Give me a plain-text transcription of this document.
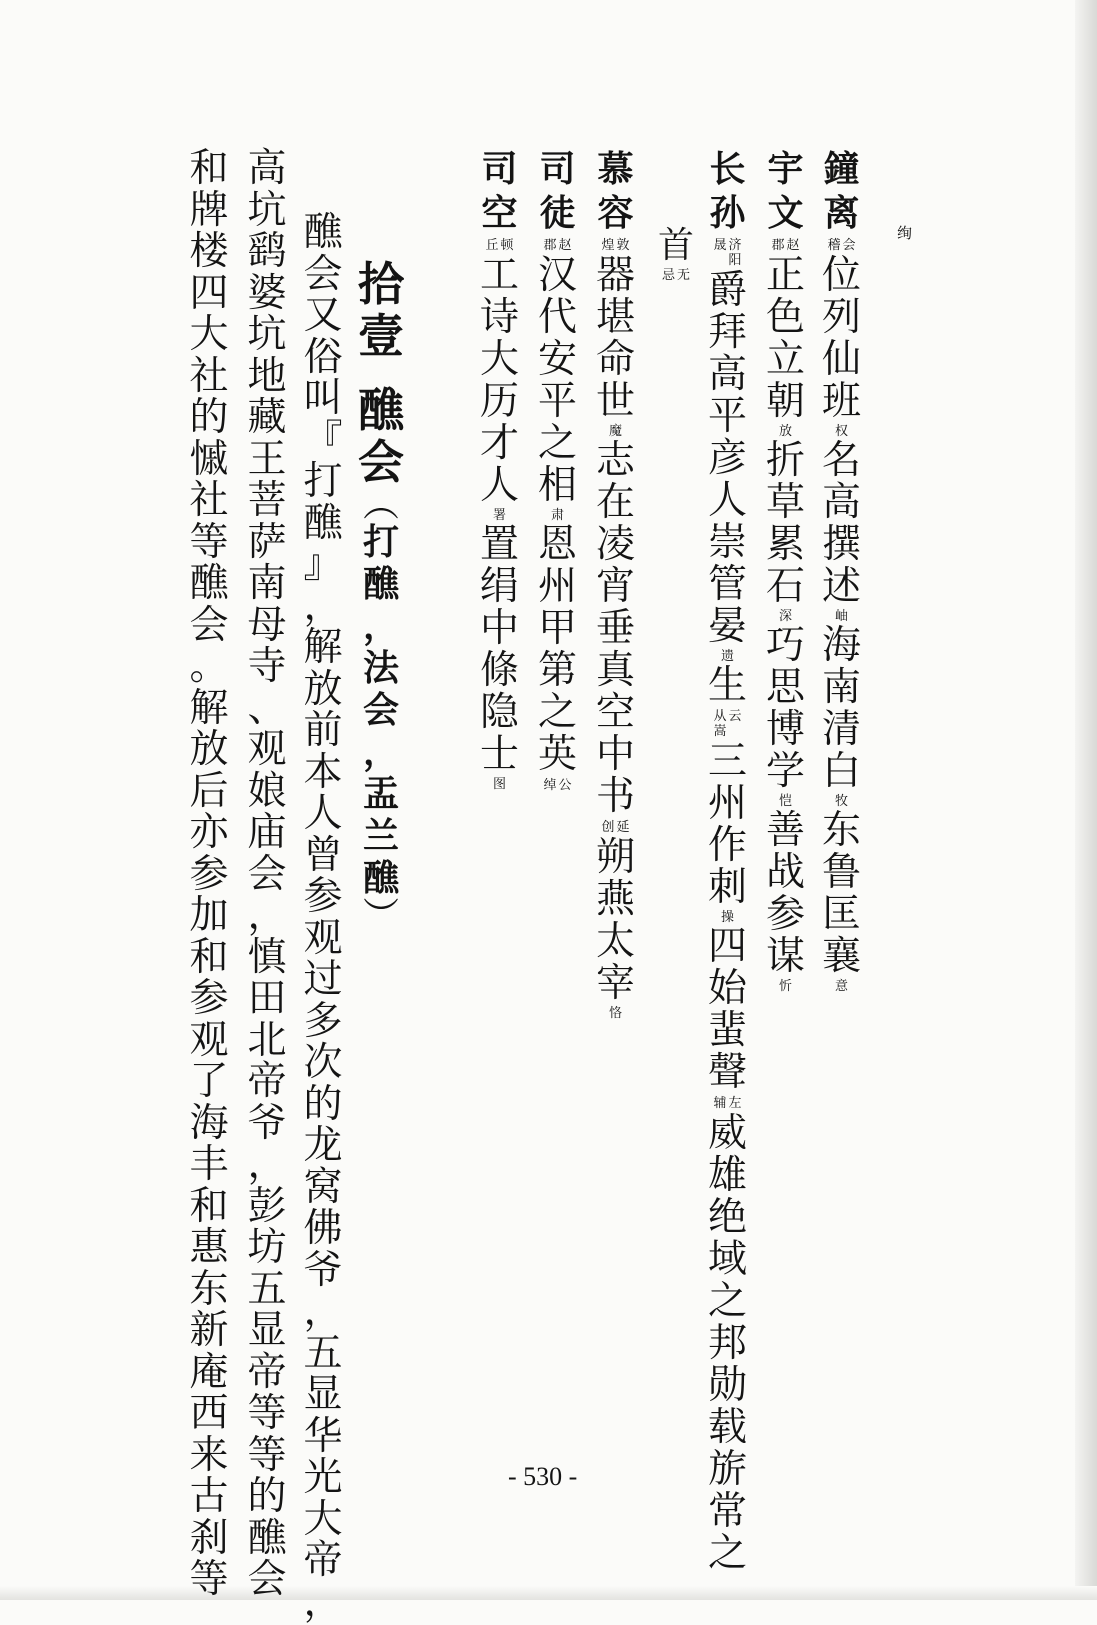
绚
鐘
离
稽 会
位
列
仙
班
权
名
高
撰
述
岫
海
南
清
白
牧
东
鲁
匡
襄
意
宇
文
郡 赵
正
色
立
朝
放
折
草
累
石
深
巧
思
博
学
恺
善
战
参
谋
忻
长
孙
晟 济
阳
爵
拜
高
平
彦
人
崇
管
晏
遗
生
从
嵩
云
三
州
作
刺
操
四
始
蜚
聲
辅 左
威
雄
绝
域
之
邦
勋
载
旂
常
之
首
忌 无
慕
容
煌 敦
器
堪
命
世
魔
志
在
凌
宵
垂
真
空
中
书
创 延
朔
燕
太
宰
恪
司
徒
郡 赵
汉
代
安
平
之
相
肃
恩
州
甲
第
之
英
绰 公
司
空
丘 顿
工
诗
大
历
才
人
署
置
绢
中
條
隐
士
图
拾
壹
醮
会
︵
打
醮
，
法
会
，
盂
兰
醮
︶
醮
会
又
俗
叫
『
打
醮
』
，
解
放
前
本
人
曾
参
观
过
多
次
的
龙
窝
佛
爷
，
五
显
华
光
大
帝
，
高
坑
鹞
婆
坑
地
藏
王
菩
萨
南
母
寺
、
观
娘
庙
会
，
慎
田
北
帝
爷
，
彭
坊
五
显
帝
等
等
的
醮
会
和
牌
楼
四
大
社
的
慽
社
等
醮
会
。
解
放
后
亦
参
加
和
参
观
了
海
丰
和
惠
东
新
庵
西
来
古
刹
等
- 530 -
